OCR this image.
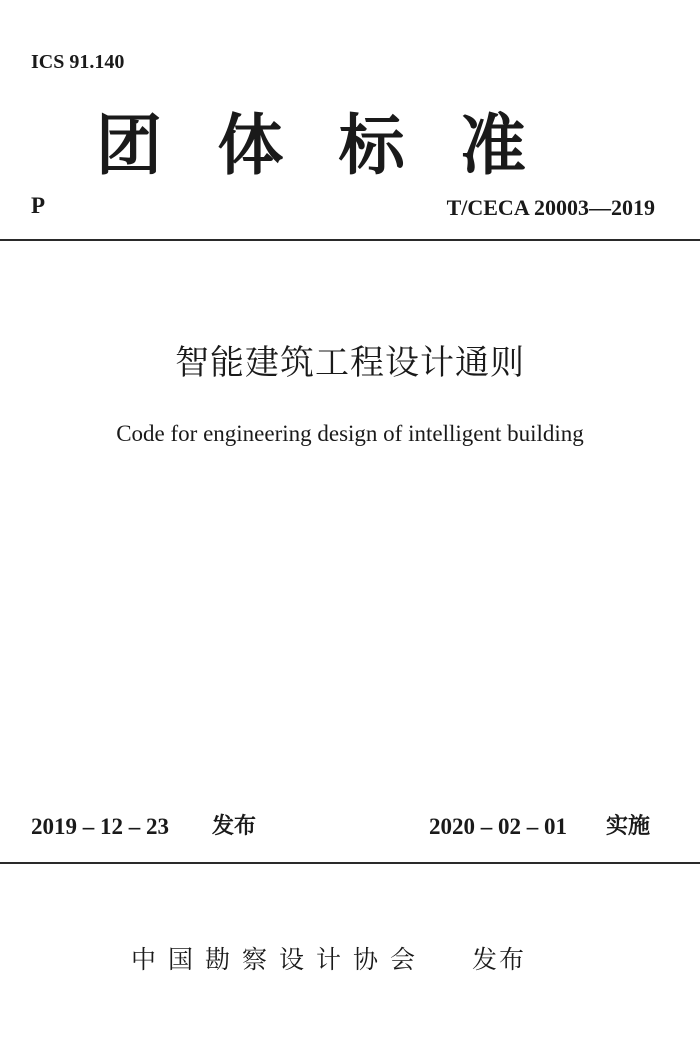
ICS 91.140

团 体 标 准

P	T/CECA 20003—2019

智能建筑工程设计通则

Code for engineering design of intelligent building

2019 – 12 – 23 发布	2020 – 02 – 01 实施

中国勘察设计协会 发布
